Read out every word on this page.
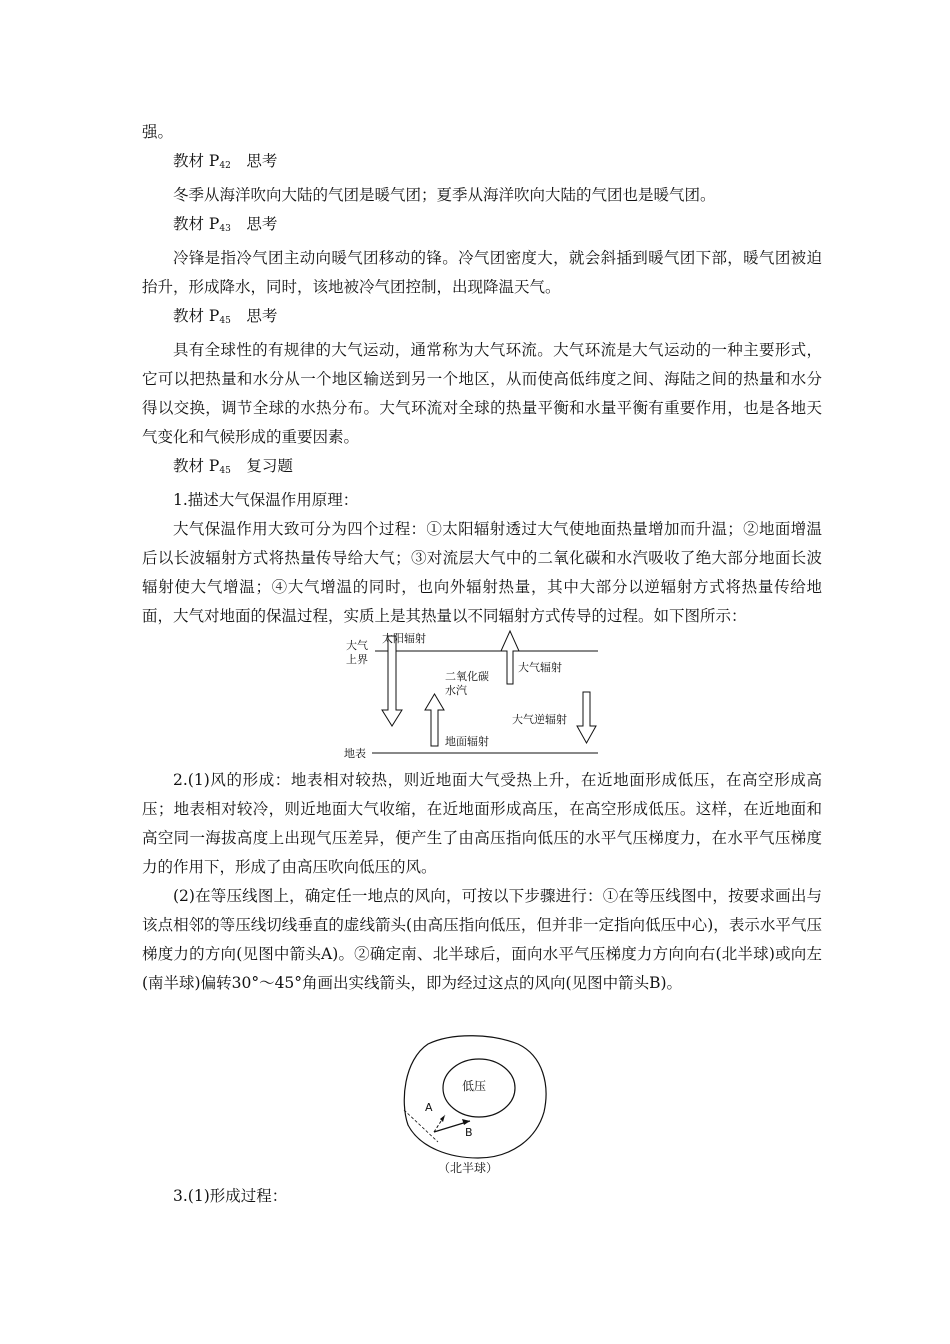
强。

教材 $P_{42}$　 思考

冬季从海洋吹向大陆的气团是暖气团；夏季从海洋吹向大陆的气团也是暖气团。

教材 $P_{43}$　 思考

冷锋是指冷气团主动向暖气团移动的锋。冷气团密度大，就会斜插到暖气团下部，暖气团被迫抬升，形成降水，同时，该地被冷气团控制，出现降温天气。

教材 $P_{45}$　 思考

具有全球性的有规律的大气运动，通常称为大气环流。大气环流是大气运动的一种主要形式，它可以把热量和水分从一个地区输送到另一个地区，从而使高低纬度之间、海陆之间的热量和水分得以交换，调节全球的水热分布。大气环流对全球的热量平衡和水量平衡有重要作用，也是各地天气变化和气候形成的重要因素。

教材 $P_{45}$　 复习题

1.描述大气保温作用原理：

大气保温作用大致可分为四个过程：①太阳辐射透过大气使地面热量增加而升温；②地面增温后以长波辐射方式将热量传导给大气；③对流层大气中的二氧化碳和水汽吸收了绝大部分地面长波辐射使大气增温；④大气增温的同时，也向外辐射热量，其中大部分以逆辐射方式将热量传给地面，大气对地面的保温过程，实质上是其热量以不同辐射方式传导的过程。如下图所示：

大气
上界
太阳辐射
大气辐射
二氧化碳
水汽
大气逆辐射
地表
地面辐射

2.(1)风的形成：地表相对较热，则近地面大气受热上升，在近地面形成低压，在高空形成高压；地表相对较冷，则近地面大气收缩，在近地面形成高压，在高空形成低压。这样，在近地面和高空同一海拔高度上出现气压差异，便产生了由高压指向低压的水平气压梯度力，在水平气压梯度力的作用下，形成了由高压吹向低压的风。

(2)在等压线图上，确定任一地点的风向，可按以下步骤进行：①在等压线图中，按要求画出与该点相邻的等压线切线垂直的虚线箭头(由高压指向低压，但并非一定指向低压中心)，表示水平气压梯度力的方向(见图中箭头A)。②确定南、北半球后，面向水平气压梯度力方向向右(北半球)或向左(南半球)偏转30°～45°角画出实线箭头，即为经过这点的风向(见图中箭头B)。

低压
A
B
（北半球）

3.(1)形成过程：
